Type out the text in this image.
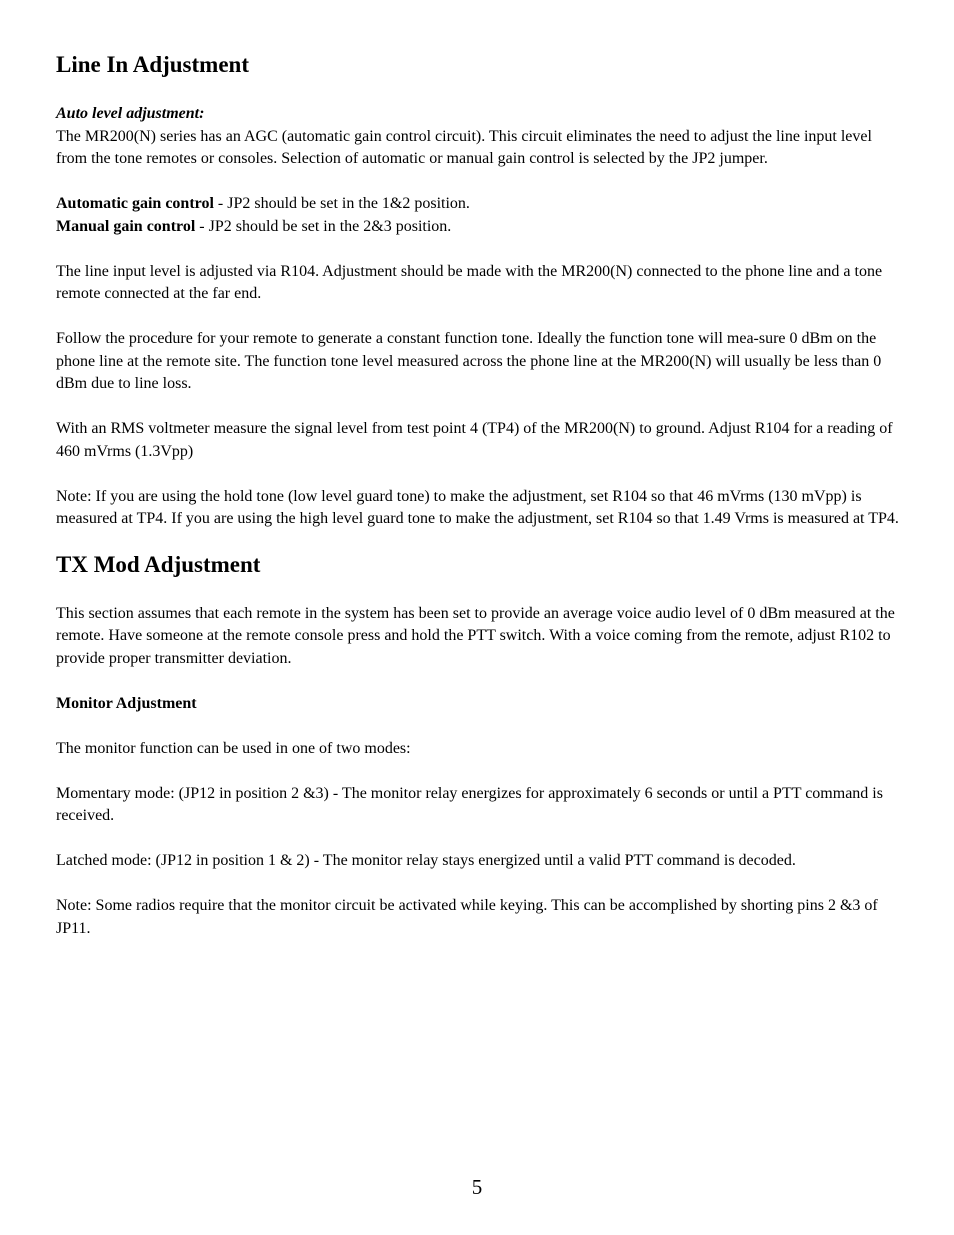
Line In Adjustment

Auto level adjustment:

The MR200(N) series has an AGC (automatic gain control circuit). This circuit eliminates the need to adjust the line input level from the tone remotes or consoles. Selection of automatic or manual gain control is selected by the JP2 jumper.

Automatic gain control - JP2 should be set in the 1&2 position.

Manual gain control - JP2 should be set in the 2&3 position.

The line input level is adjusted via R104. Adjustment should be made with the MR200(N) connected to the phone line and a tone remote connected at the far end.

Follow the procedure for your remote to generate a constant function tone. Ideally the function tone will mea-sure 0 dBm on the phone line at the remote site. The function tone level measured across the phone line at the MR200(N) will usually be less than 0 dBm due to line loss.

With an RMS voltmeter measure the signal level from test point 4 (TP4) of the MR200(N) to ground. Adjust R104 for a reading of 460 mVrms (1.3Vpp)

Note: If you are using the hold tone (low level guard tone) to make the adjustment, set R104 so that 46 mVrms (130 mVpp) is measured at TP4. If you are using the high level guard tone to make the adjustment, set R104 so that 1.49 Vrms is measured at TP4.

TX Mod Adjustment

This section assumes that each remote in the system has been set to provide an average voice audio level of 0 dBm measured at the remote. Have someone at the remote console press and hold the PTT switch. With a voice coming from the remote, adjust R102 to provide proper transmitter deviation.

Monitor Adjustment

The monitor function can be used in one of two modes:

Momentary mode: (JP12 in position 2 &3) - The monitor relay energizes for approximately 6 seconds or until a PTT command is received.

Latched mode: (JP12 in position 1 & 2) - The monitor relay stays energized until a valid PTT command is decoded.

Note: Some radios require that the monitor circuit be activated while keying. This can be accomplished by shorting pins 2 &3 of JP11.

5
